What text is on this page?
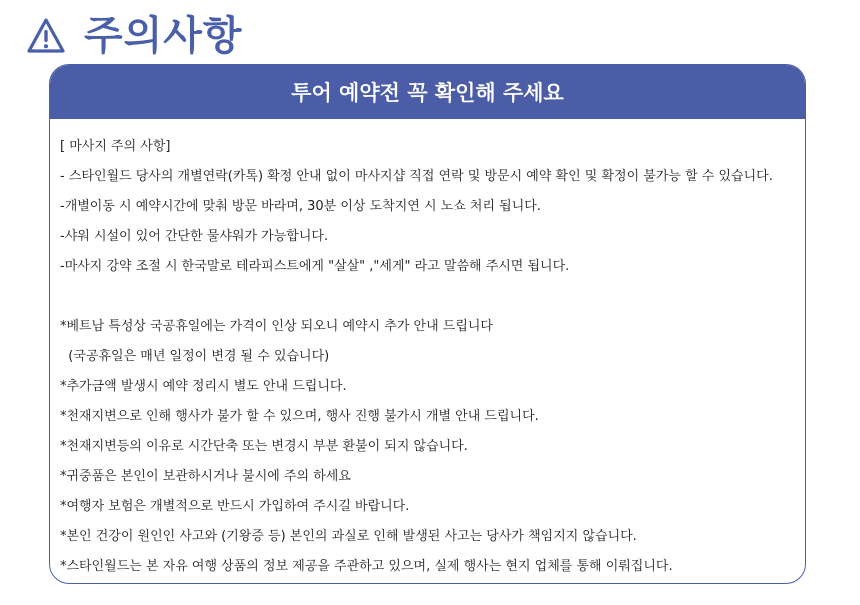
주의사항
투어 예약전 꼭 확인해 주세요
[ 마사지 주의 사항]
- 스타인월드 당사의 개별연락(카톡) 확정 안내 없이 마사지샵 직접 연락 및 방문시 예약 확인 및 확정이 불가능 할 수 있습니다.
-개별이동 시 예약시간에 맞춰 방문 바라며, 30분 이상 도착지연 시 노쇼 처리 됩니다.
-샤워 시설이 있어 간단한 물샤워가 가능합니다.
-마사지 강약 조절 시 한국말로 테라피스트에게 "살살" ,"세게" 라고 말씀해 주시면 됩니다.
*베트남 특성상 국공휴일에는 가격이 인상 되오니 예약시 추가 안내 드립니다
(국공휴일은 매년 일정이 변경 될 수 있습니다)
*추가금액 발생시 예약 정리시 별도 안내 드립니다.
*천재지변으로 인해 행사가 불가 할 수 있으며, 행사 진행 불가시 개별 안내 드립니다.
*천재지변등의 이유로 시간단축 또는 변경시 부분 환불이 되지 않습니다.
*귀중품은 본인이 보관하시거나 불시에 주의 하세요
*여행자 보험은 개별적으로 반드시 가입하여 주시길 바랍니다.
*본인 건강이 원인인 사고와 (기왕증 등) 본인의 과실로 인해 발생된 사고는 당사가 책임지지 않습니다.
*스타인월드는 본 자유 여행 상품의 정보 제공을 주관하고 있으며, 실제 행사는 현지 업체를 통해 이뤄집니다.
